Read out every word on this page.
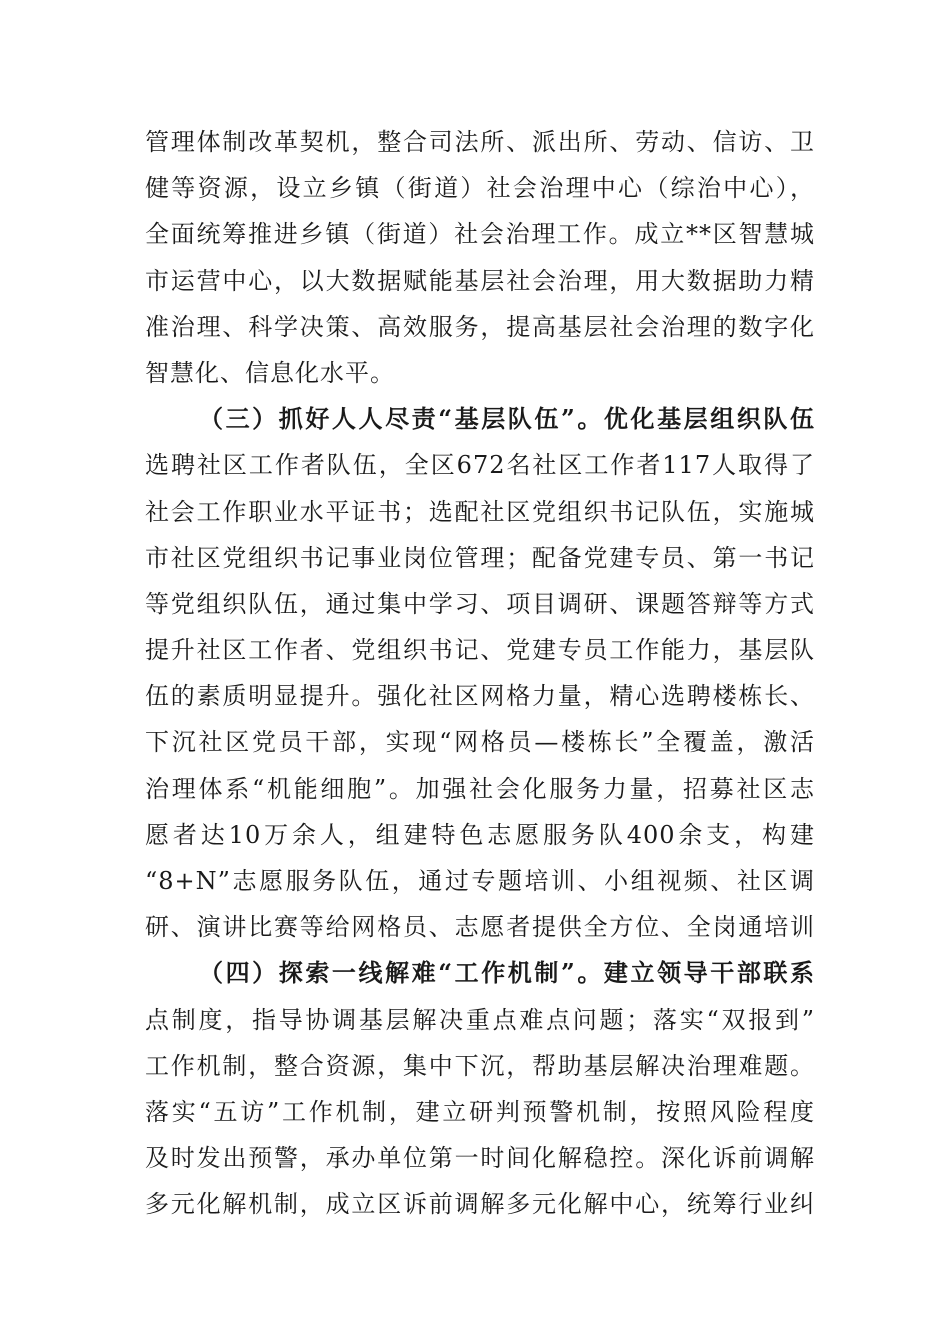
管理体制改革契机，整合司法所、派出所、劳动、信访、卫
健等资源，设立乡镇（街道）社会治理中心（综治中心），
全面统筹推进乡镇（街道）社会治理工作。成立**区智慧城
市运营中心，以大数据赋能基层社会治理，用大数据助力精
准治理、科学决策、高效服务，提高基层社会治理的数字化
智慧化、信息化水平。
（三）抓好人人尽责“基层队伍”。优化基层组织队伍
选聘社区工作者队伍，全区672名社区工作者117人取得了
社会工作职业水平证书；选配社区党组织书记队伍，实施城
市社区党组织书记事业岗位管理；配备党建专员、第一书记
等党组织队伍，通过集中学习、项目调研、课题答辩等方式
提升社区工作者、党组织书记、党建专员工作能力，基层队
伍的素质明显提升。强化社区网格力量，精心选聘楼栋长、
下沉社区党员干部，实现“网格员—楼栋长”全覆盖，激活
治理体系“机能细胞”。加强社会化服务力量，招募社区志
愿者达10万余人，组建特色志愿服务队400余支，构建
“8+N”志愿服务队伍，通过专题培训、小组视频、社区调
研、演讲比赛等给网格员、志愿者提供全方位、全岗通培训
（四）探索一线解难“工作机制”。建立领导干部联系
点制度，指导协调基层解决重点难点问题；落实“双报到”
工作机制，整合资源，集中下沉，帮助基层解决治理难题。
落实“五访”工作机制，建立研判预警机制，按照风险程度
及时发出预警，承办单位第一时间化解稳控。深化诉前调解
多元化解机制，成立区诉前调解多元化解中心，统筹行业纠
